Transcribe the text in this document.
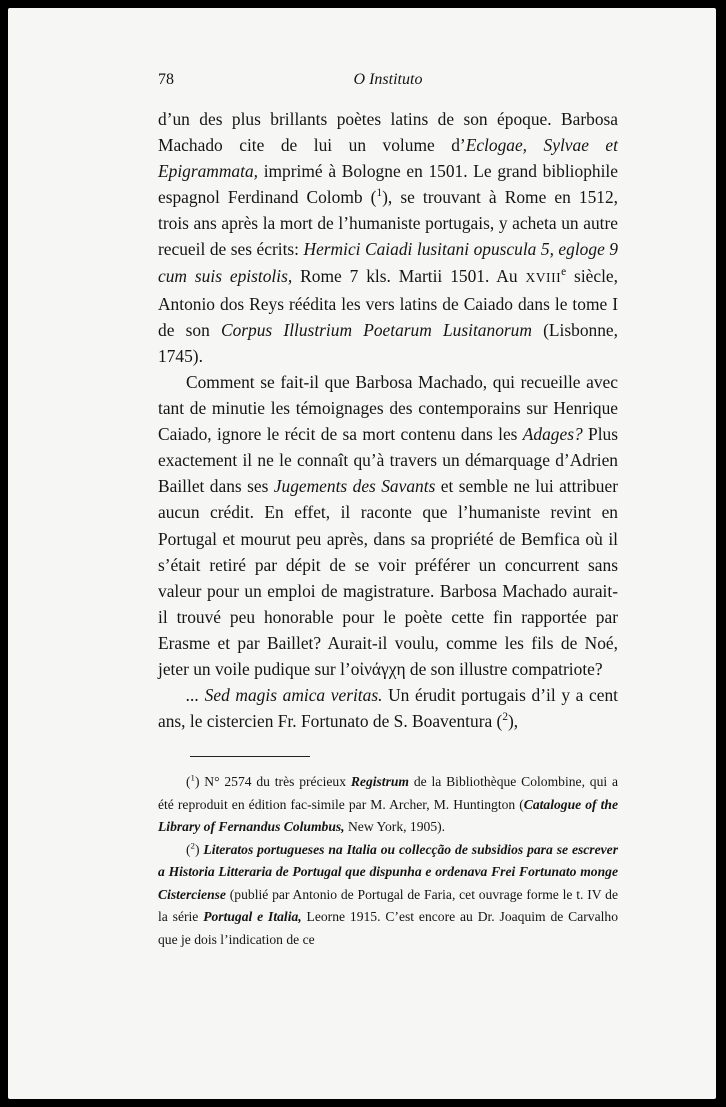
78	O Instituto

d’un des plus brillants poètes latins de son époque. Barbosa Machado cite de lui un volume d’Eclogae, Sylvae et Epigrammata, imprimé à Bologne en 1501. Le grand bibliophile espagnol Ferdinand Colomb ($^1$), se trouvant à Rome en 1512, trois ans après la mort de l’humaniste portugais, y acheta un autre recueil de ses écrits: Hermici Caiadi lusitani opuscula 5, egloge 9 cum suis epistolis, Rome 7 kls. Martii 1501. Au XVIIIe siècle, Antonio dos Reys réédita les vers latins de Caiado dans le tome I de son Corpus Illustrium Poetarum Lusitanorum (Lisbonne, 1745).

Comment se fait-il que Barbosa Machado, qui recueille avec tant de minutie les témoignages des contemporains sur Henrique Caiado, ignore le récit de sa mort contenu dans les Adages? Plus exactement il ne le connaît qu’à travers un démarquage d’Adrien Baillet dans ses Jugements des Savants et semble ne lui attribuer aucun crédit. En effet, il raconte que l’humaniste revint en Portugal et mourut peu après, dans sa propriété de Bemfica où il s’était retiré par dépit de se voir préférer un concurrent sans valeur pour un emploi de magistrature. Barbosa Machado aurait-il trouvé peu honorable pour le poète cette fin rapportée par Erasme et par Baillet? Aurait-il voulu, comme les fils de Noé, jeter un voile pudique sur l’οἰνάγχη de son illustre compatriote?

... Sed magis amica veritas. Un érudit portugais d’il y a cent ans, le cistercien Fr. Fortunato de S. Boaventura ($^2$),

($^1$) N° 2574 du très précieux Registrum de la Bibliothèque Colombine, qui a été reproduit en édition fac-simile par M. Archer, M. Huntington (Catalogue of the Library of Fernandus Columbus, New York, 1905).

($^2$) Literatos portugueses na Italia ou collecção de subsidios para se escrever a Historia Litteraria de Portugal que dispunha e ordenava Frei Fortunato monge Cisterciense (publié par Antonio de Portugal de Faria, cet ouvrage forme le t. IV de la série Portugal e Italia, Leorne 1915. C’est encore au Dr. Joaquim de Carvalho que je dois l’indication de ce
